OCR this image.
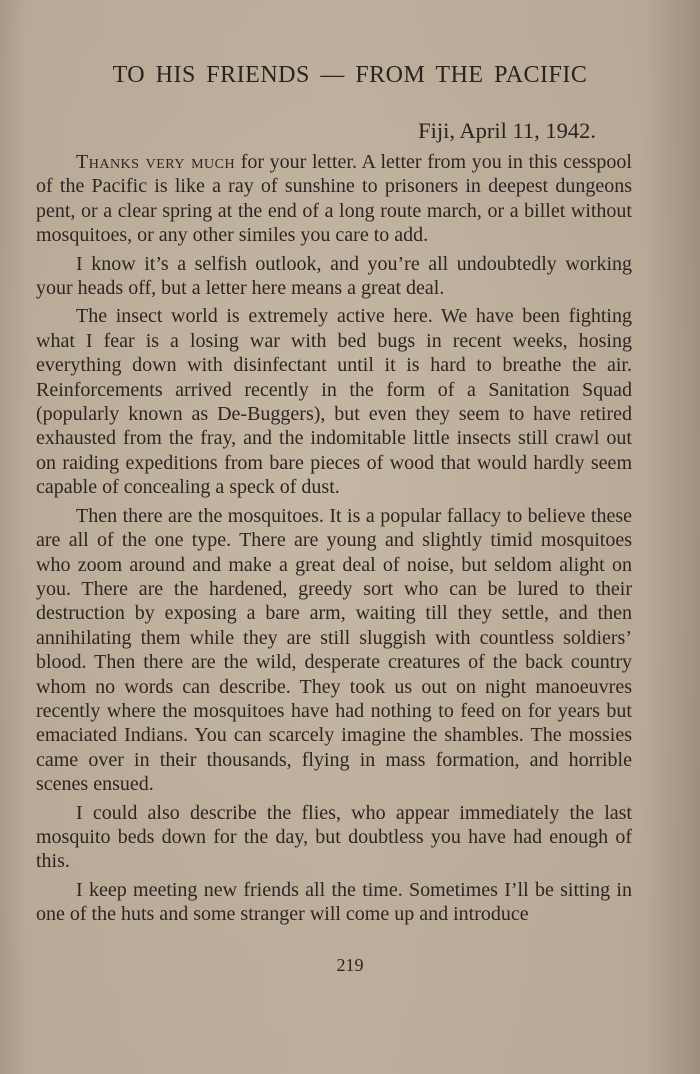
TO HIS FRIENDS — FROM THE PACIFIC
Fiji, April 11, 1942.

Thanks very much for your letter. A letter from you in this cesspool of the Pacific is like a ray of sunshine to prisoners in deepest dungeons pent, or a clear spring at the end of a long route march, or a billet without mosquitoes, or any other similes you care to add.

I know it’s a selfish outlook, and you’re all undoubtedly working your heads off, but a letter here means a great deal.

The insect world is extremely active here. We have been fighting what I fear is a losing war with bed bugs in recent weeks, hosing everything down with disinfectant until it is hard to breathe the air. Reinforcements arrived recently in the form of a Sanitation Squad (popularly known as De-Buggers), but even they seem to have retired exhausted from the fray, and the indomitable little insects still crawl out on raiding expeditions from bare pieces of wood that would hardly seem capable of concealing a speck of dust.

Then there are the mosquitoes. It is a popular fallacy to believe these are all of the one type. There are young and slightly timid mosquitoes who zoom around and make a great deal of noise, but seldom alight on you. There are the hardened, greedy sort who can be lured to their destruction by exposing a bare arm, waiting till they settle, and then annihilating them while they are still sluggish with countless soldiers’ blood. Then there are the wild, desperate creatures of the back country whom no words can describe. They took us out on night manoeuvres recently where the mosquitoes have had nothing to feed on for years but emaciated Indians. You can scarcely imagine the shambles. The mossies came over in their thousands, flying in mass formation, and horrible scenes ensued.

I could also describe the flies, who appear immediately the last mosquito beds down for the day, but doubtless you have had enough of this.

I keep meeting new friends all the time. Sometimes I’ll be sitting in one of the huts and some stranger will come up and introduce

219
